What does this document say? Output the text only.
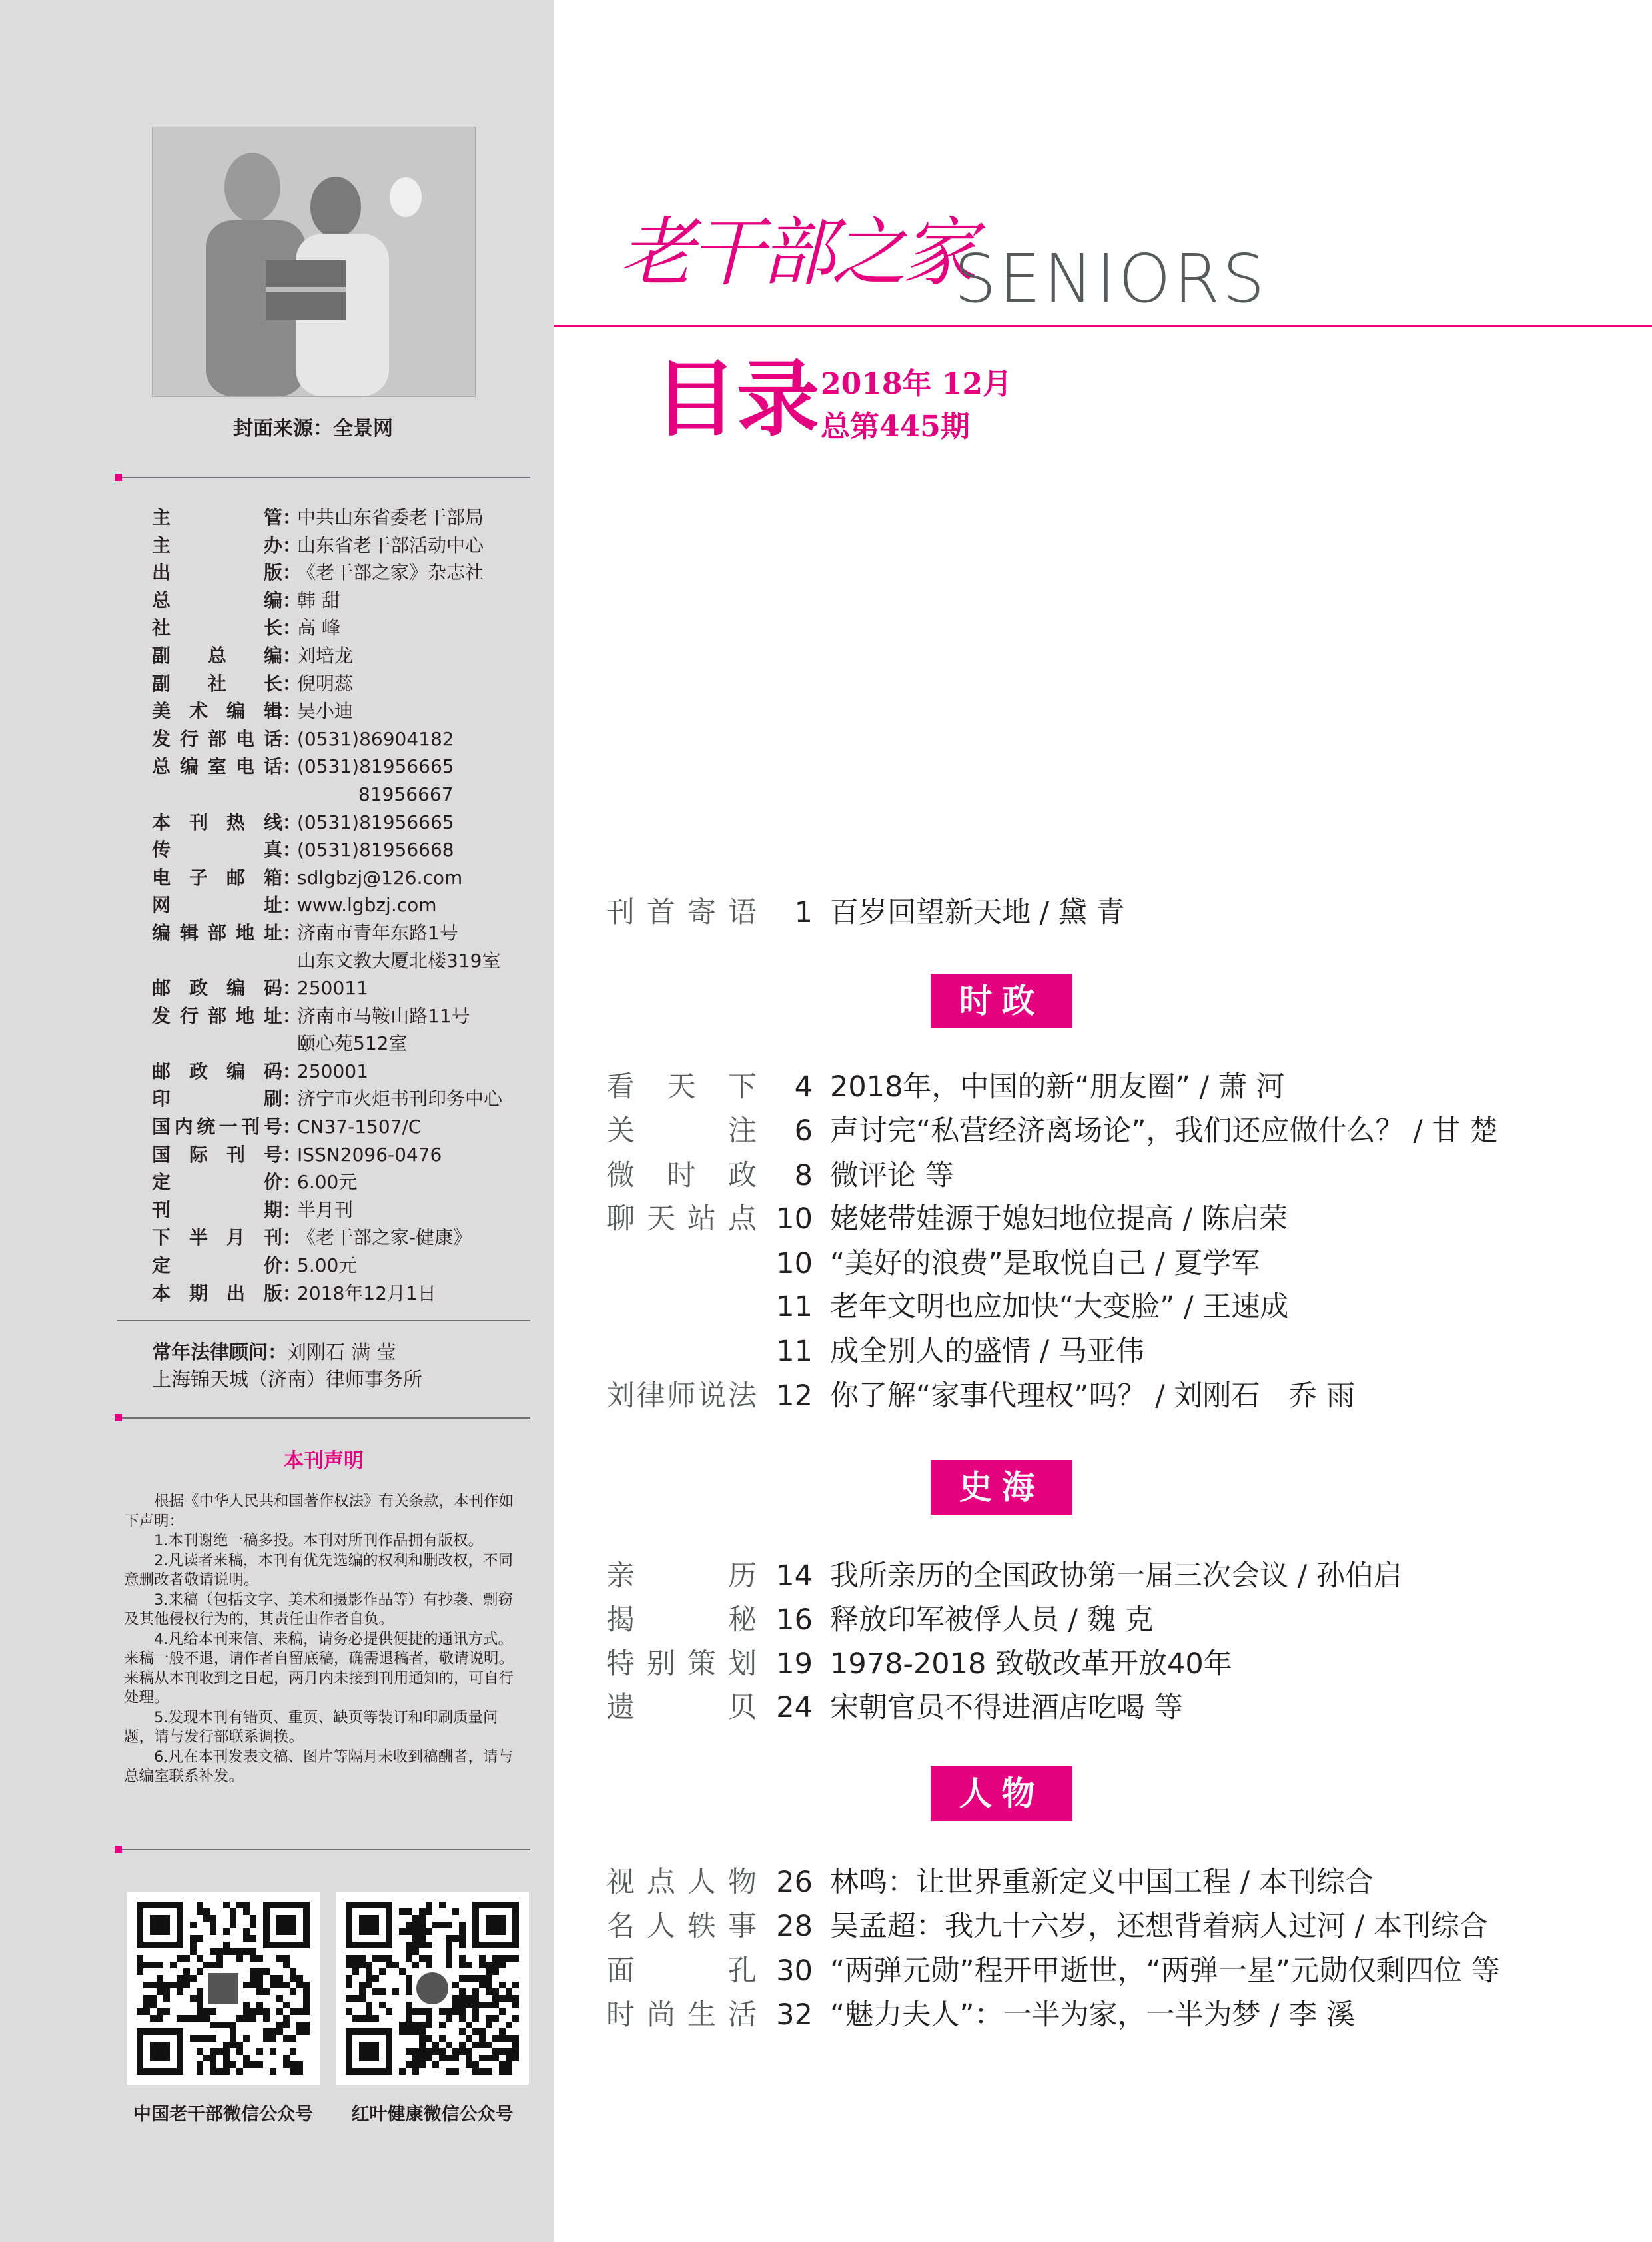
封面来源：全景网
主管 ：
中共山东省委老干部局
主办 ：
山东省老干部活动中心
出版 ：
《老干部之家》杂志社
总编 ：
韩 甜
社长 ：
高 峰
副总编 ：
刘培龙
副社长 ：
倪明蕊
美术编辑 ：
吴小迪
发行部电话 ：
(0531)86904182
总编室电话 ：
(0531)81956665
81956667
本刊热线 ：
(0531)81956665
传真 ：
(0531)81956668
电子邮箱 ：
sdlgbzj@126.com
网址 ：
www.lgbzj.com
编辑部地址 ：
济南市青年东路1号
山东文教大厦北楼319室
邮政编码 ：
250011
发行部地址 ：
济南市马鞍山路11号
颐心苑512室
邮政编码 ：
250001
印刷 ：
济宁市火炬书刊印务中心
国内统一刊号 ：
CN37-1507/C
国际刊号 ：
ISSN2096-0476
定价 ：
6.00元
刊期 ：
半月刊
下半月刊 ：
《老干部之家-健康》
定价 ：
5.00元
本期出版 ：
2018年12月1日
常年法律顾问：刘刚石 满 莹
上海锦天城（济南）律师事务所
本刊声明

根据《中华人民共和国著作权法》有关条款，本刊作如下声明：

1.本刊谢绝一稿多投。本刊对所刊作品拥有版权。

2.凡读者来稿，本刊有优先选编的权利和删改权，不同意删改者敬请说明。

3.来稿（包括文字、美术和摄影作品等）有抄袭、剽窃及其他侵权行为的，其责任由作者自负。

4.凡给本刊来信、来稿，请务必提供便捷的通讯方式。来稿一般不退，请作者自留底稿，确需退稿者，敬请说明。来稿从本刊收到之日起，两月内未接到刊用通知的，可自行处理。

5.发现本刊有错页、重页、缺页等装订和印刷质量问题，请与发行部联系调换。

6.凡在本刊发表文稿、图片等隔月未收到稿酬者，请与总编室联系补发。

中国老干部微信公众号	红叶健康微信公众号
老干部之家
SENIORS
目录 2018年 12月
总第445期
刊首寄语	1 百岁回望新天地 / 黛 青
时政
看天下	4 2018年，中国的新“朋友圈” / 萧 河
关注	6 声讨完“私营经济离场论”，我们还应做什么？ / 甘 楚
微时政	8 微评论 等
聊天站点 10 姥姥带娃源于媳妇地位提高 / 陈启荣
10 “美好的浪费”是取悦自己 / 夏学军
11 老年文明也应加快“大变脸” / 王速成
11 成全别人的盛情 / 马亚伟
刘律师说法 12 你了解“家事代理权”吗？ / 刘刚石　乔 雨
史海
亲历 14 我所亲历的全国政协第一届三次会议 / 孙伯启
揭秘 16 释放印军被俘人员 / 魏 克
特别策划 19 1978-2018 致敬改革开放40年
遗贝 24 宋朝官员不得进酒店吃喝 等
人物
视点人物 26 林鸣：让世界重新定义中国工程 / 本刊综合
名人轶事 28 吴孟超：我九十六岁，还想背着病人过河 / 本刊综合
面孔 30 “两弹元勋”程开甲逝世，“两弹一星”元勋仅剩四位 等
时尚生活 32 “魅力夫人”：一半为家，一半为梦 / 李 溪
